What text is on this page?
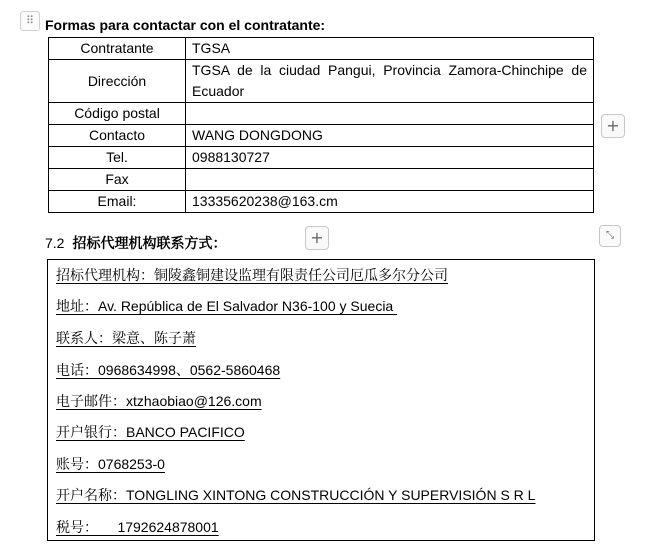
⠿ Formas para contactar con el contratante:
Contratante	TGSA
Dirección	TGSA de la ciudad Pangui, Provincia Zamora-Chinchipe de Ecuador
Código postal	
Contacto	WANG DONGDONG
Tel.	0988130727
Fax	
Email:	13335620238@163.cm
+
7.2 招标代理机构联系方式：	+	⤡
招标代理机构：铜陵鑫铜建设监理有限责任公司厄瓜多尔分公司
地址：Av. República de El Salvador N36-100 y Suecia
联系人：梁意、陈子萧
电话：0968634998、0562-5860468
电子邮件：xtzhaobiao@126.com
开户银行：BANCO PACIFICO
账号：0768253-0
开户名称：TONGLING XINTONG CONSTRUCCIÓN Y SUPERVISIÓN S R L
税号：     1792624878001
